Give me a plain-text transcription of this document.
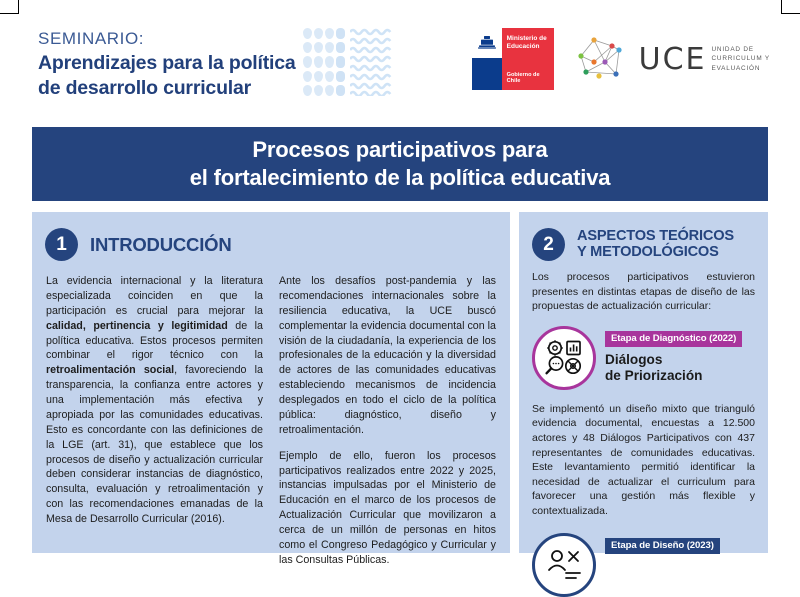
SEMINARIO:
Aprendizajes para la política
de desarrollo curricular
Ministerio de
Educación
Gobierno de Chile
UCE UNIDAD DE
CURRICULUM Y
EVALUACIÓN
Procesos participativos para
el fortalecimiento de la política educativa
1	INTRODUCCIÓN

La evidencia internacional y la literatura especializada coinciden en que la participación es crucial para mejorar la calidad, pertinencia y legitimidad de la política educativa. Estos procesos permiten combinar el rigor técnico con la retroalimentación social, favoreciendo la transparencia, la confianza entre actores y una implementación más efectiva y apropiada por las comunidades educativas. Esto es concordante con las definiciones de la LGE (art. 31), que establece que los procesos de diseño y actualización curricular deben considerar instancias de diagnóstico, consulta, evaluación y retroalimentación y con las recomendaciones emanadas de la Mesa de Desarrollo Curricular (2016).

Ante los desafíos post-pandemia y las recomendaciones internacionales sobre la resiliencia educativa, la UCE buscó complementar la evidencia documental con la visión de la ciudadanía, la experiencia de los profesionales de la educación y la diversidad de actores de las comunidades educativas estableciendo mecanismos de incidencia desplegados en todo el ciclo de la política pública: diagnóstico, diseño y retroalimentación.

Ejemplo de ello, fueron los procesos participativos realizados entre 2022 y 2025, instancias impulsadas por el Ministerio de Educación en el marco de los procesos de Actualización Curricular que movilizaron a cerca de un millón de personas en hitos como el Congreso Pedagógico y Curricular y las Consultas Públicas.

2	ASPECTOS TEÓRICOS
Y METODOLÓGICOS

Los procesos participativos estuvieron presentes en distintas etapas de diseño de las propuestas de actualización curricular:

Etapa de Diagnóstico (2022)
Diálogos
de Priorización

Se implementó un diseño mixto que trianguló evidencia documental, encuestas a 12.500 actores y 48 Diálogos Participativos con 437 representantes de comunidades educativas. Este levantamiento permitió identificar la necesidad de actualizar el curriculum para favorecer una gestión más flexible y contextualizada.

Etapa de Diseño (2023)
